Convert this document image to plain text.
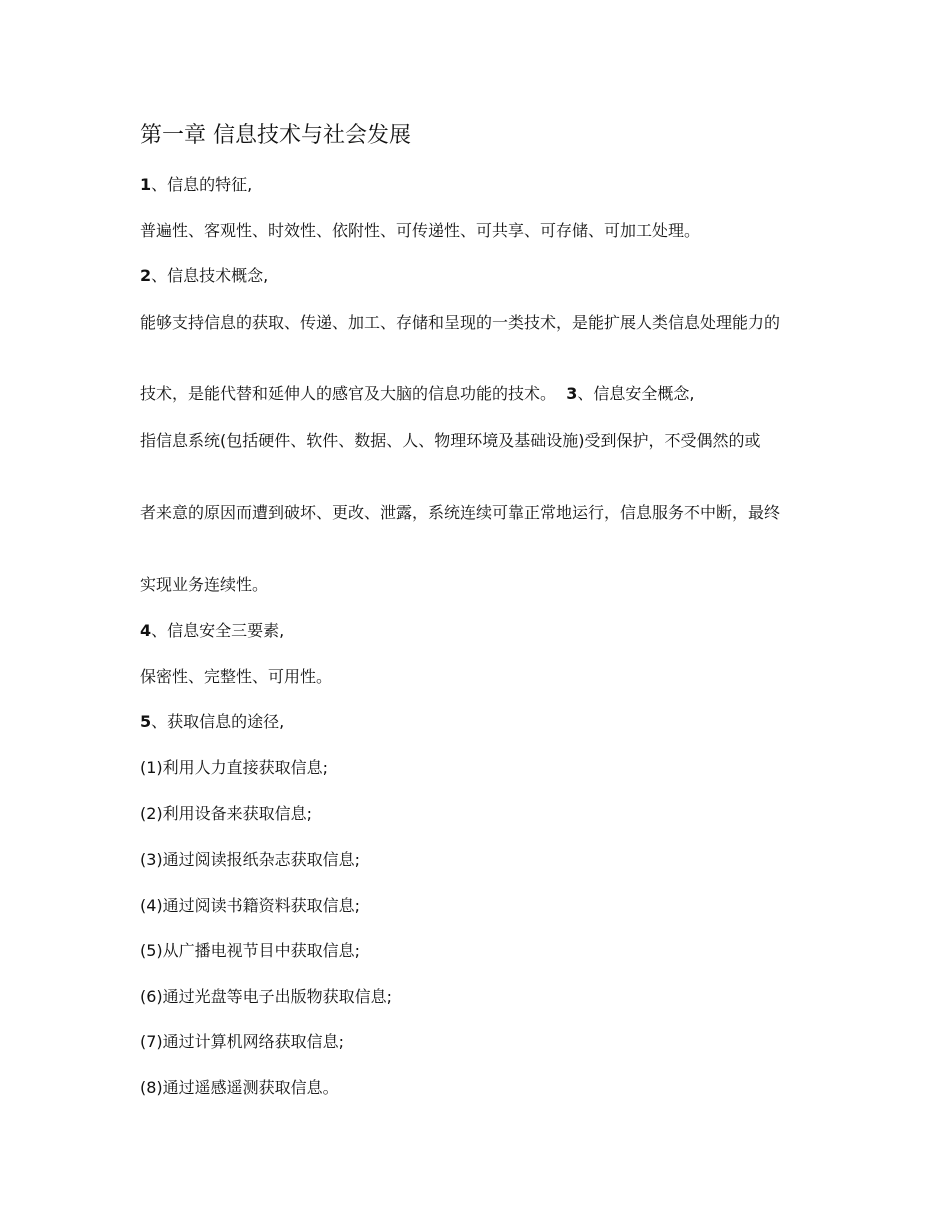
第一章 信息技术与社会发展
1、信息的特征,
普遍性、客观性、时效性、依附性、可传递性、可共享、可存储、可加工处理。
2、信息技术概念,
能够支持信息的获取、传递、加工、存储和呈现的一类技术，是能扩展人类信息处理能力的
技术，是能代替和延伸人的感官及大脑的信息功能的技术。 3、信息安全概念,
指信息系统(包括硬件、软件、数据、人、物理环境及基础设施)受到保护，不受偶然的或
者来意的原因而遭到破坏、更改、泄露，系统连续可靠正常地运行，信息服务不中断，最终
实现业务连续性。
4、信息安全三要素,
保密性、完整性、可用性。
5、获取信息的途径,
(1)利用人力直接获取信息;
(2)利用设备来获取信息;
(3)通过阅读报纸杂志获取信息;
(4)通过阅读书籍资料获取信息;
(5)从广播电视节目中获取信息;
(6)通过光盘等电子出版物获取信息;
(7)通过计算机网络获取信息;
(8)通过遥感遥测获取信息。
